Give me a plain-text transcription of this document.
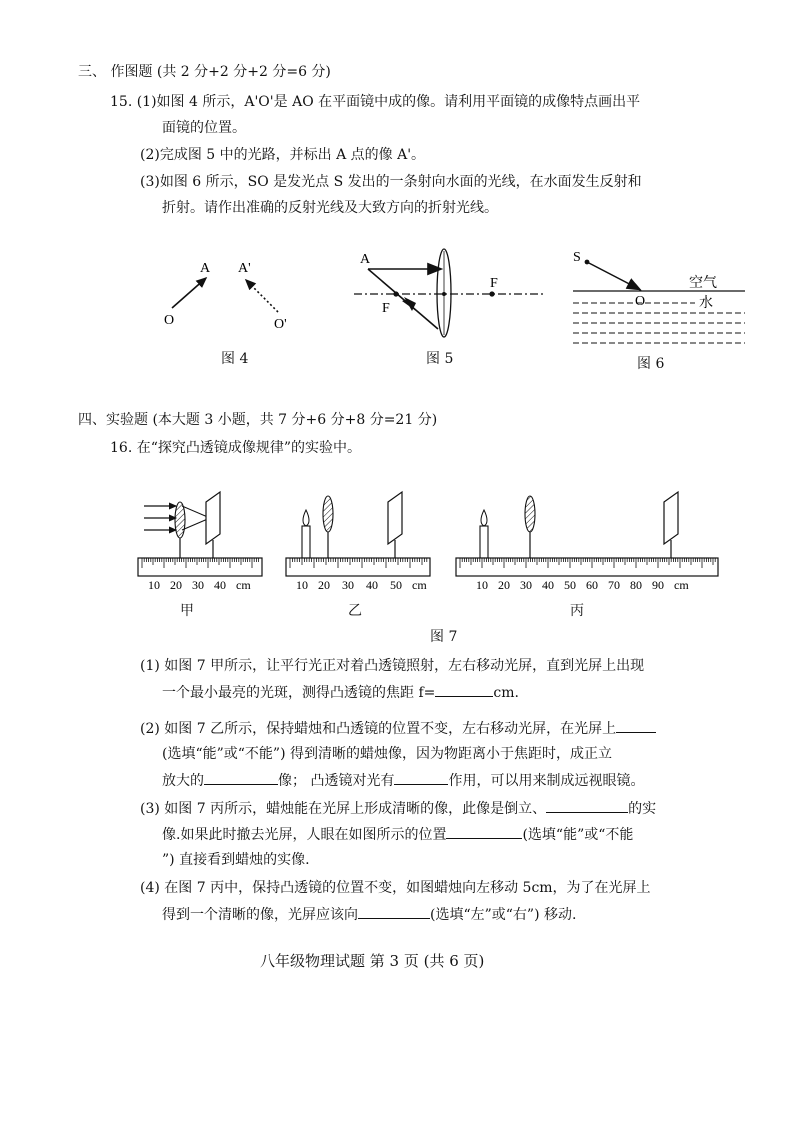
三、 作图题 (共 2 分+2 分+2 分=6 分)
15. (1)如图 4 所示，A'O'是 AO 在平面镜中成的像。请利用平面镜的成像特点画出平
面镜的位置。
(2)完成图 5 中的光路，并标出 A 点的像 A'。
(3)如图 6 所示，SO 是发光点 S 发出的一条射向水面的光线，在水面发生反射和
折射。请作出准确的反射光线及大致方向的折射光线。
A
O
A'
O'
图 4
A
F
F
图 5
S
O
空气
水
图 6
四、实验题 (本大题 3 小题，共 7 分+6 分+8 分=21 分)
16. 在“探究凸透镜成像规律”的实验中。
10 20 30 40 cm
甲
10 20 30 40 50 cm
乙
10 20 30 40 50 60 70 80 90 cm
丙
图 7
(1) 如图 7 甲所示，让平行光正对着凸透镜照射，左右移动光屏，直到光屏上出现
一个最小最亮的光斑，测得凸透镜的焦距 f=	cm.
(2) 如图 7 乙所示，保持蜡烛和凸透镜的位置不变，左右移动光屏，在光屏上
(选填“能”或“不能”) 得到清晰的蜡烛像，因为物距离小于焦距时，成正立
放大的	像； 凸透镜对光有	作用，可以用来制成远视眼镜。
(3) 如图 7 丙所示，蜡烛能在光屏上形成清晰的像，此像是倒立、	的实
像.如果此时撤去光屏，人眼在如图所示的位置	(选填“能”或“不能
”) 直接看到蜡烛的实像.
(4) 在图 7 丙中，保持凸透镜的位置不变，如图蜡烛向左移动 5cm，为了在光屏上
得到一个清晰的像，光屏应该向	(选填“左”或“右”) 移动.
八年级物理试题 第 3 页 (共 6 页)
